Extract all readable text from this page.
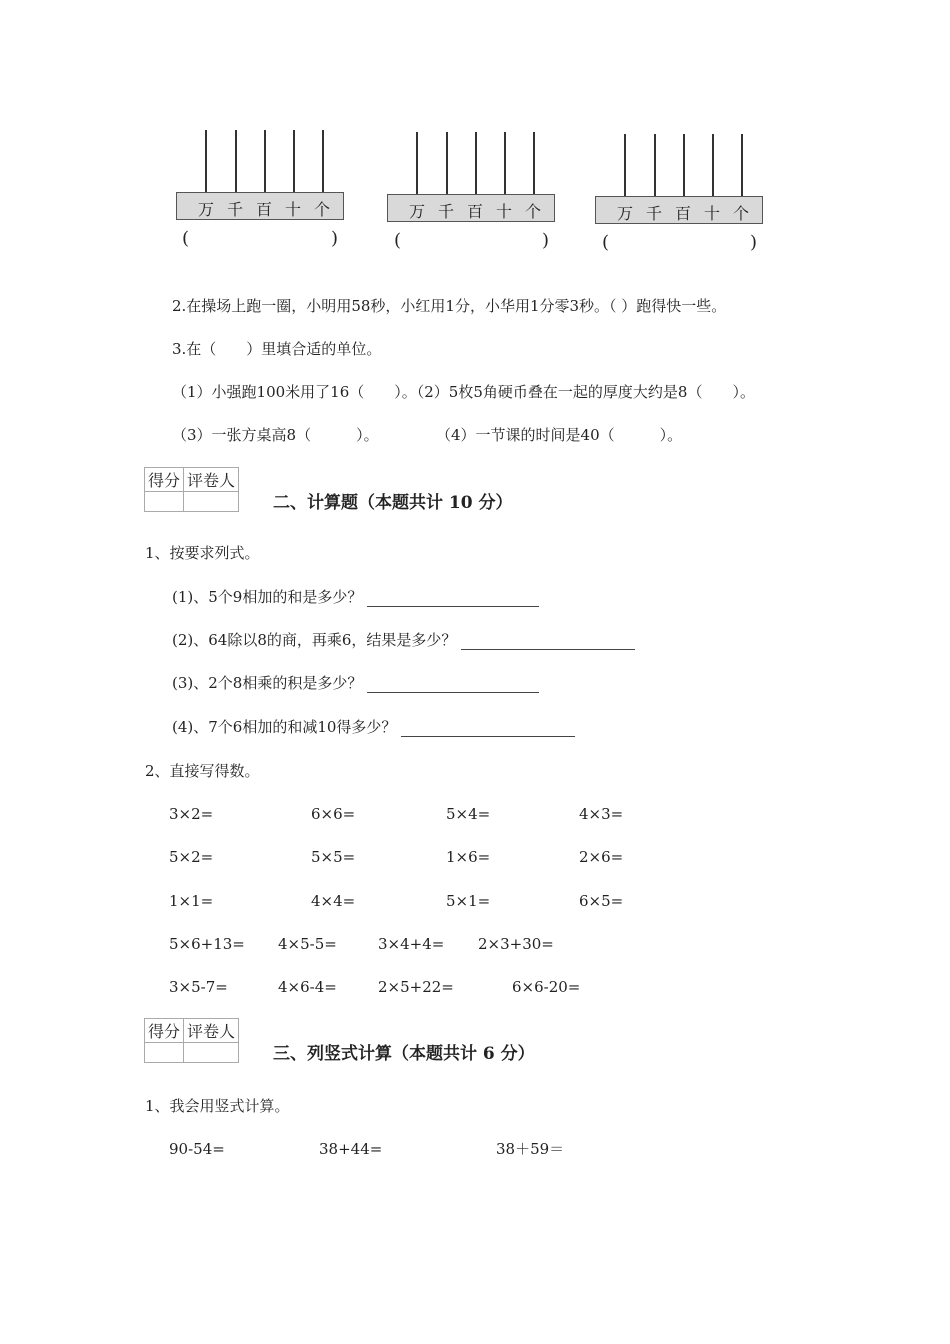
万 千 百 十 个
(	)
万 千 百 十 个
(	)
万 千 百 十 个
(	)
2.在操场上跑一圈，小明用58秒，小红用1分，小华用1分零3秒。（ ）跑得快一些。
3.在（　　）里填合适的单位。
（1）小强跑100米用了16（　　）。（2）5枚5角硬币叠在一起的厚度大约是8（　　）。
（3）一张方桌高8（　　　）。	（4）一节课的时间是40（　　　）。
得分	评卷人

二、计算题（本题共计 10 分）
1、按要求列式。
(1)、5个9相加的和是多少？
(2)、64除以8的商，再乘6，结果是多少？
(3)、2个8相乘的积是多少？
(4)、7个6相加的和减10得多少？
2、直接写得数。
3×2=	6×6=	5×4=	4×3=
5×2=	5×5=	1×6=	2×6=
1×1=	4×4=	5×1=	6×5=
5×6+13= 4×5-5=	3×4+4= 2×3+30=
3×5-7=	4×6-4=	2×5+22=	6×6-20=
得分	评卷人

三、列竖式计算（本题共计 6 分）
1、我会用竖式计算。
90-54=	38+44=	38＋59＝
